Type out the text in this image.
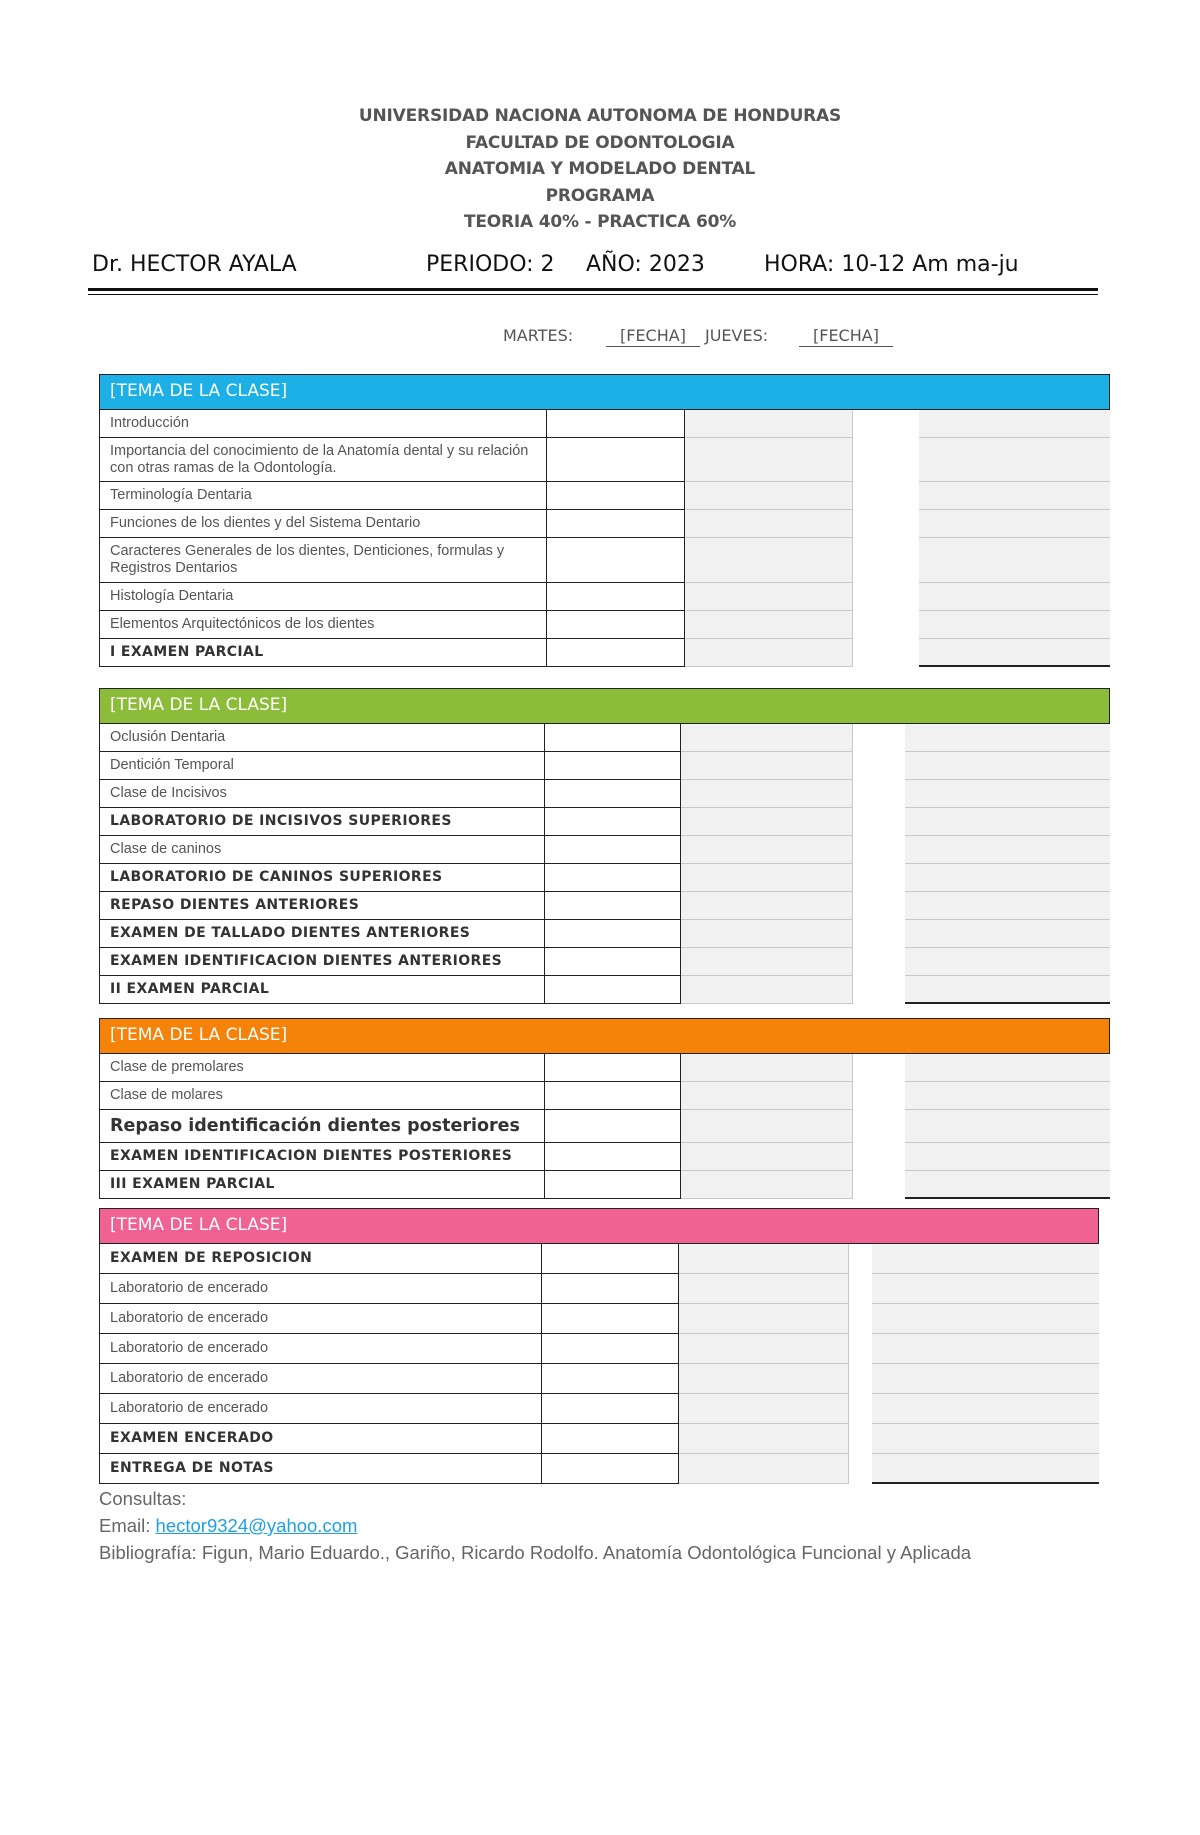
UNIVERSIDAD NACIONA AUTONOMA DE HONDURAS
FACULTAD DE ODONTOLOGIA
ANATOMIA Y MODELADO DENTAL
PROGRAMA
TEORIA 40% - PRACTICA 60%
Dr. HECTOR AYALA	PERIODO: 2 AÑO: 2023	HORA: 10-12 Am ma-ju
MARTES:	[FECHA]	JUEVES:	[FECHA]
[TEMA DE LA CLASE]
Introducción
Importancia del conocimiento de la Anatomía dental y su relación con otras ramas de la Odontología.
Terminología Dentaria
Funciones de los dientes y del Sistema Dentario
Caracteres Generales de los dientes, Denticiones, formulas y Registros Dentarios
Histología Dentaria
Elementos Arquitectónicos de los dientes
I EXAMEN PARCIAL
[TEMA DE LA CLASE]
Oclusión Dentaria
Dentición Temporal
Clase de Incisivos
LABORATORIO DE INCISIVOS SUPERIORES
Clase de caninos
LABORATORIO DE CANINOS SUPERIORES
REPASO DIENTES ANTERIORES
EXAMEN DE TALLADO DIENTES ANTERIORES
EXAMEN IDENTIFICACION DIENTES ANTERIORES
II EXAMEN PARCIAL
[TEMA DE LA CLASE]
Clase de premolares
Clase de molares
Repaso identificación dientes posteriores
EXAMEN IDENTIFICACION DIENTES POSTERIORES
III EXAMEN PARCIAL
[TEMA DE LA CLASE]
EXAMEN DE REPOSICION
Laboratorio de encerado
Laboratorio de encerado
Laboratorio de encerado
Laboratorio de encerado
Laboratorio de encerado
EXAMEN ENCERADO
ENTREGA DE NOTAS
Consultas:
Email: hector9324@yahoo.com
Bibliografía: Figun, Mario Eduardo., Gariño, Ricardo Rodolfo. Anatomía Odontológica Funcional y Aplicada
